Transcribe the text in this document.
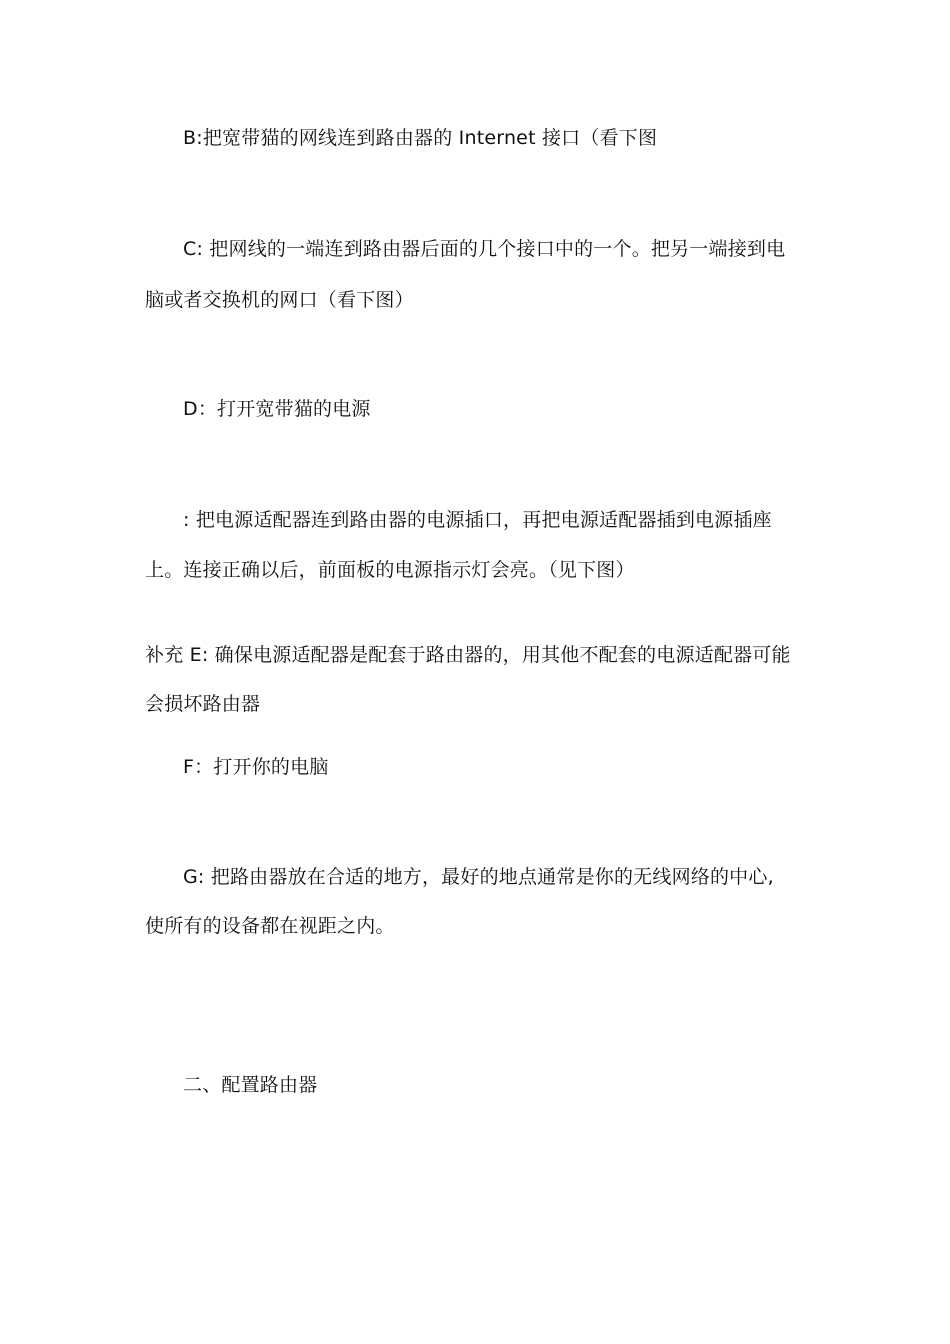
B:把宽带猫的网线连到路由器的 Internet 接口（看下图
C: 把网线的一端连到路由器后面的几个接口中的一个。把另一端接到电
脑或者交换机的网口（看下图）
D：打开宽带猫的电源
: 把电源适配器连到路由器的电源插口，再把电源适配器插到电源插座
上。连接正确以后，前面板的电源指示灯会亮。（见下图）
补充 E: 确保电源适配器是配套于路由器的，用其他不配套的电源适配器可能
会损坏路由器
F：打开你的电脑
G: 把路由器放在合适的地方，最好的地点通常是你的无线网络的中心,
使所有的设备都在视距之内。
二、配置路由器
